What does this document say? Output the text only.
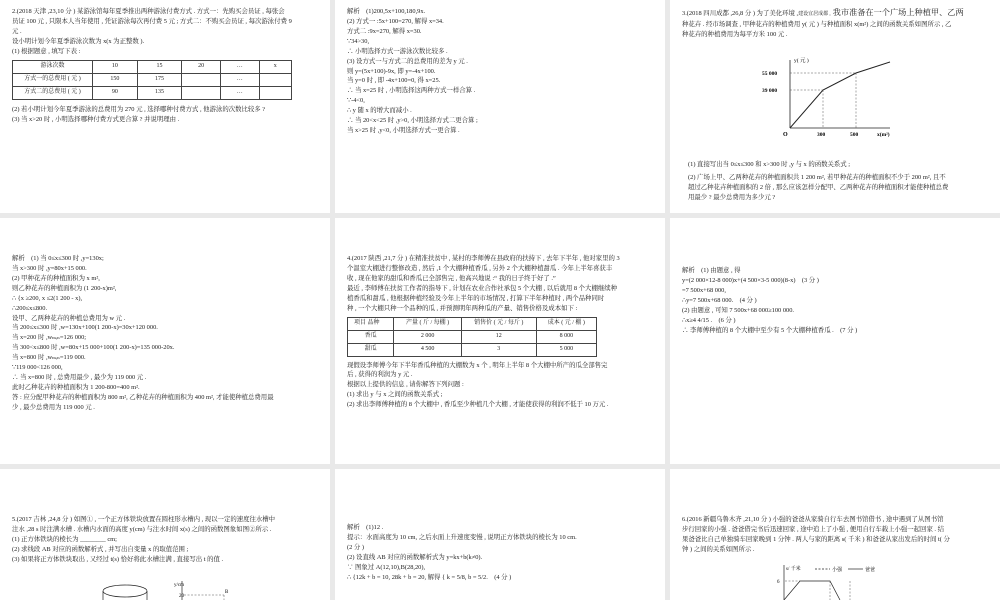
2.(2018 天津 ,23,10 分 ) 某游泳馆每年夏季推出两种游泳付费方式 . 方式一：先购买会员证 , 每张会
员证 100 元 , 只限本人当年使用 , 凭证游泳每次再付费 5 元 ; 方式二：不购买会员证 , 每次游泳付费 9
元 .
设小明计划今年夏季游泳次数为 x(x 为正整数 ).
(1) 根据题意 , 填写下表 :
游泳次数	10	15	20	…	x
方式一的总费用 ( 元 )	150	175		…	
方式二的总费用 ( 元 )	90	135		…	
(2) 若小明计划今年夏季游泳的总费用为 270 元 , 选择哪种付费方式 , 他游泳的次数比较多 ?
(3) 当 x>20 时 , 小明选择哪种付费方式更合算 ? 并说明理由 .
解析　(1)200,5x+100,180,9x.
(2) 方式一 :5x+100=270, 解得 x=34.
方式二 :9x=270, 解得 x=30.
∵34>30,
∴ 小明选择方式一游泳次数比较多 .
(3) 设方式一与方式二的总费用的差为 y 元 .
则 y=(5x+100)-9x, 即 y=-4x+100.
当 y=0 时 , 即 -4x+100=0, 得 x=25.
∴ 当 x=25 时 , 小明选择这两种方式一样合算 .
∵-4<0,
∴ y 随 x 的增大而减小 .
∴ 当 20<x<25 时 ,y>0, 小明选择方式二更合算 ;
当 x>25 时 ,y<0, 小明选择方式一更合算 .
3.(2018 四川成都 ,26,8 分 ) 为了美化环境 ,建设宜居成都 , 我市准备在一个广场上种植甲、乙两
种花卉 . 经市场调查 , 甲种花卉的种植费用 y( 元 ) 与种植面积 x(m²) 之间的函数关系如图所示 , 乙
种花卉的种植费用为每平方米 100 元 .
y( 元 )
55 000
39 000
O	300	500	x(m²)
(1) 直接写出当 0≤x≤300 和 x>300 时 ,y 与 x 的函数关系式 ;
(2) 广场上甲、乙两种花卉的种植面积共 1 200 m², 若甲种花卉的种植面积不少于 200 m², 且不
超过乙种花卉种植面积的 2 倍 , 那么应该怎样分配甲、乙两种花卉的种植面积才能使种植总费
用最少 ? 最少总费用为多少元 ?
解析　(1) 当 0≤x≤300 时 ,y=130x;
当 x>300 时 ,y=80x+15 000.
(2) 甲种花卉的种植面积为 x m²,
则乙种花卉的种植面积为 (1 200-x)m²,
∴ {x ≥200, x ≤2(1 200 - x),
∴200≤x≤800.
设甲、乙两种花卉的种植总费用为 w 元 .
当 200≤x≤300 时 ,w=130x+100(1 200-x)=30x+120 000.
当 x=200 时 ,wₘᵢₙ=126 000;
当 300<x≤800 时 ,w=80x+15 000+100(1 200-x)=135 000-20x.
当 x=800 时 ,wₘᵢₙ=119 000.
∵119 000<126 000,
∴ 当 x=800 时 , 总费用最少 , 最少为 119 000 元 .
此时乙种花卉的种植面积为 1 200-800=400 m².
答 : 应分配甲种花卉的种植面积为 800 m², 乙种花卉的种植面积为 400 m², 才能使种植总费用最
少 , 最少总费用为 119 000 元 .
4.(2017 陕西 ,21,7 分 ) 在精准扶贫中 , 某村的李师傅在县政府的扶持下 , 去年下半年 , 他对家里的 3
个温室大棚进行整修改造 , 然后 ,1 个大棚种植香瓜 , 另外 2 个大棚种植甜瓜 . 今年上半年喜获丰
收 , 现在他家的甜瓜和香瓜已全部售完 , 他高兴地说 :“ 我的日子终于好了 .”
最近 , 李师傅在扶贫工作者的指导下 , 计划在农业合作社承包 5 个大棚 , 以后就用 8 个大棚继续种
植香瓜和甜瓜 , 他根据种植经验及今年上半年的市场情况 , 打算下半年种植时 , 两个品种同时
种 , 一个大棚只种一个品种的瓜 , 并预测明年两种瓜的产量、销售价格及成本如下 :
项目 品种	产量 ( 斤 / 每棚 )	销售价 ( 元 / 每斤 )	成本 ( 元 / 棚 )
香瓜	2 000	12	8 000
甜瓜	4 500	3	5 000
现假设李师傅今年下半年香瓜种植的大棚数为 x 个 , 明年上半年 8 个大棚中所产的瓜全部售完
后 , 获得的利润为 y 元 .
根据以上提供的信息 , 请你解答下列问题 :
(1) 求出 y 与 x 之间的函数关系式 ;
(2) 求出李师傅种植的 8 个大棚中 , 香瓜至少种植几个大棚 , 才能使获得的利润不低于 10 万元 .
解析　(1) 由题意 , 得
y=(2 000×12-8 000)x+(4 500×3-5 000)(8-x)　(3 分 )
=7 500x+68 000,
∴y=7 500x+68 000.　(4 分 )
(2) 由题意 , 可知 7 500x+68 000≥100 000.
∴x≥4 4/15 .　(6 分 )
∴ 李师傅种植的 8 个大棚中至少有 5 个大棚种植香瓜 .　(7 分 )
5.(2017 吉林 ,24,8 分 ) 如图① , 一个正方体铁块放置在圆柱形水槽内 , 现以一定的速度往水槽中
注水 ,28 s 时注满水槽 . 水槽内水面的高度 y(cm) 与注水时间 x(s) 之间的函数图象如图②所示 .
(1) 正方体铁块的棱长为 ________ cm;
(2) 求线段 AB 对应的函数解析式 , 并写出自变量 x 的取值范围 ;
(3) 如果将正方体铁块取出 , 又经过 t(s) 恰好将此水槽注满 , 直接写出 t 的值 .
y/cm
20
B
解析　(1)12 .
提示：水面高度为 10 cm, 之后水面上升速度变慢 , 说明正方体铁块的棱长为 10 cm.
(2 分 )
(2) 设直线 AB 对应的函数解析式为 y=kx+b(k≠0).
∵ 图象过 A(12,10),B(28,20),
∴ {12k + b = 10, 28k + b = 20, 解得 { k = 5/8, b = 5/2.　(4 分 )
6.(2016 新疆乌鲁木齐 ,21,10 分 ) 小强的爸爸从家骑自行车去图书馆借书 , 途中遇到了从图书馆
步行回家的小强 . 爸爸借完书后迅速回家 , 途中追上了小强 , 便用自行车载上小强一起回家 . 结
果爸爸比自己单独骑车回家晚到 1 分钟 . 两人与家的距离 s( 千米 ) 和爸爸从家出发后的时间 t( 分
钟 ) 之间的关系如图所示 .
s/ 千米	小强	爸爸
6
